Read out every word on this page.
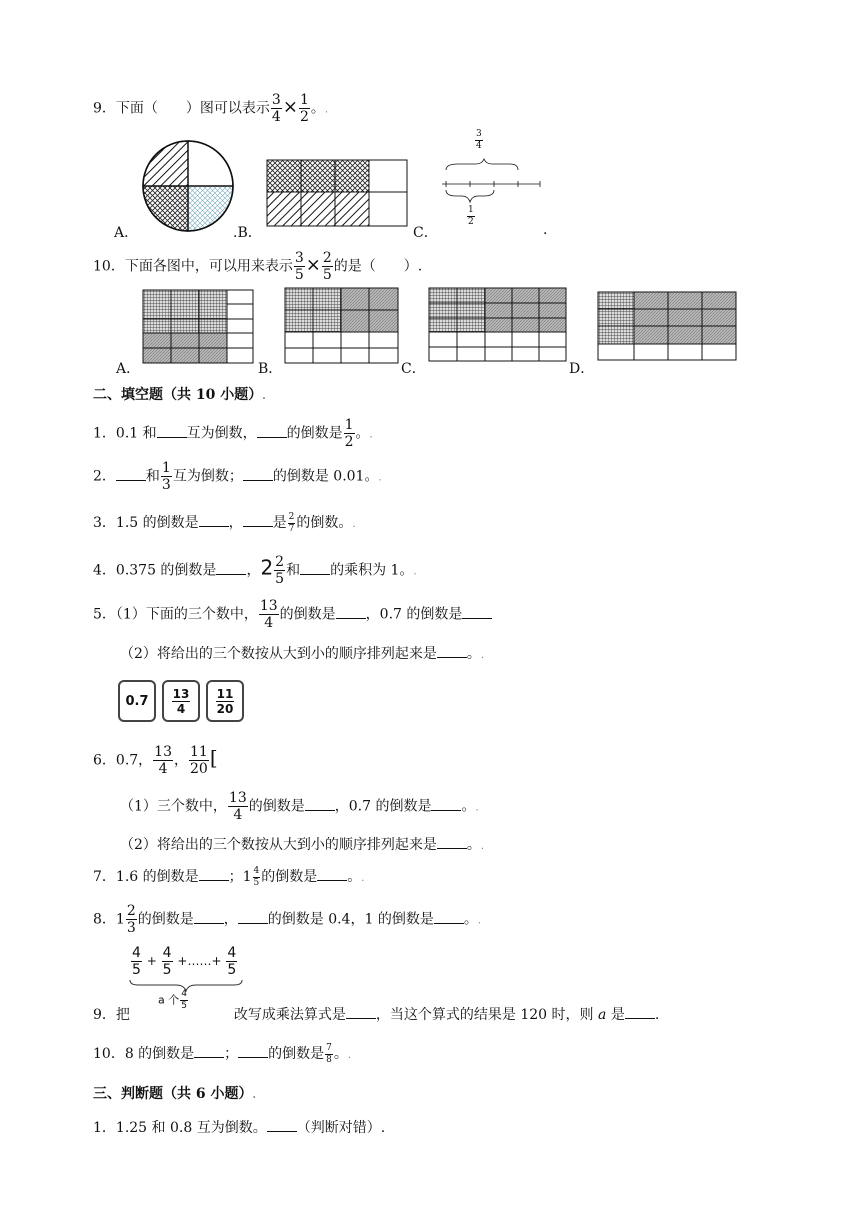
9．下面（　　）图可以表示 $\frac{3}{4} \times \frac{1}{2}$ 。.
A．	.B．
$\frac{3}{4}$
$\frac{1}{2}$
C．	.
10．下面各图中，可以用来表示 $\frac{3}{5} \times \frac{2}{5}$ 的是（　　）.
A．	B．	C．	D．
二、填空题（共 10 小题）.
1．0.1 和 互为倒数， 的倒数是 $\frac{1}{2}$ 。.
2． 和 $\frac{1}{3}$ 互为倒数； 的倒数是 0.01。.
3．1.5 的倒数是 ， 是 $\frac{2}{7}$ 的倒数。.
4．0.375 的倒数是 ，$2 \frac{2}{5}$ 和 的乘积为 1。.
5．（1）下面的三个数中， $\frac{13}{4}$ 的倒数是 ，0.7 的倒数是
（2）将给出的三个数按从大到小的顺序排列起来是 。.
$0.7 \frac{13}{4} \frac{11}{20}$
6．0.7， $\frac{13}{4}$ ， $\frac{11}{20}$ [
（1）三个数中， $\frac{13}{4}$ 的倒数是 ，0.7 的倒数是 。.
（2）将给出的三个数按从大到小的顺序排列起来是 。.
7．1.6 的倒数是 ；$1 \frac{4}{5}$ 的倒数是 。.
8．$1 \frac{2}{3}$ 的倒数是 ， 的倒数是 0.4，1 的倒数是 。.
$\frac{4}{5} + \frac{4}{5}$ +……+ $\frac{4}{5}$
a 个 $\frac{4}{5}$
9．把	改写成乘法算式是 ，当这个算式的结果是 120 时，则 a 是 .
10．8 的倒数是 ； 的倒数是 $\frac{7}{8}$ 。.
三、判断题（共 6 小题）.
1．1.25 和 0.8 互为倒数。 （判断对错）.
